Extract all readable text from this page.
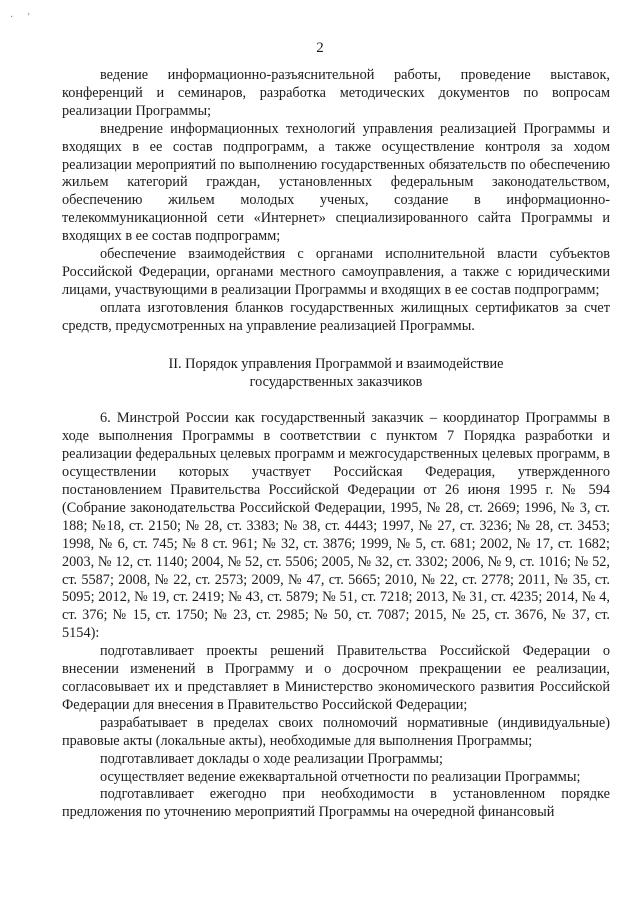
· '
2

ведение информационно-разъяснительной работы, проведение выставок, конференций и семинаров, разработка методических документов по вопросам реализации Программы;

внедрение информационных технологий управления реализацией Программы и входящих в ее состав подпрограмм, а также осуществление контроля за ходом реализации мероприятий по выполнению государственных обязательств по обеспечению жильем категорий граждан, установленных федеральным законодательством, обеспечению жильем молодых ученых, создание в информационно-телекоммуникационной сети «Интернет» специализированного сайта Программы и входящих в ее состав подпрограмм;

обеспечение взаимодействия с органами исполнительной власти субъектов Российской Федерации, органами местного самоуправления, а также с юридическими лицами, участвующими в реализации Программы и входящих в ее состав подпрограмм;

оплата изготовления бланков государственных жилищных сертификатов за счет средств, предусмотренных на управление реализацией Программы.

II. Порядок управления Программой и взаимодействие
государственных заказчиков

6. Минстрой России как государственный заказчик – координатор Программы в ходе выполнения Программы в соответствии с пунктом 7 Порядка разработки и реализации федеральных целевых программ и межгосударственных целевых программ, в осуществлении которых участвует Российская Федерация, утвержденного постановлением Правительства Российской Федерации от 26 июня 1995 г. № 594 (Собрание законодательства Российской Федерации, 1995, № 28, ст. 2669; 1996, № 3, ст. 188; №18, ст. 2150; № 28, ст. 3383; № 38, ст. 4443; 1997, № 27, ст. 3236; № 28, ст. 3453; 1998, № 6, ст. 745; № 8 ст. 961; № 32, ст. 3876; 1999, № 5, ст. 681; 2002, № 17, ст. 1682; 2003, № 12, ст. 1140; 2004, № 52, ст. 5506; 2005, № 32, ст. 3302; 2006, № 9, ст. 1016; № 52, ст. 5587; 2008, № 22, ст. 2573; 2009, № 47, ст. 5665; 2010, № 22, ст. 2778; 2011, № 35, ст. 5095; 2012, № 19, ст. 2419; № 43, ст. 5879; № 51, ст. 7218; 2013, № 31, ст. 4235; 2014, № 4, ст. 376; № 15, ст. 1750; № 23, ст. 2985; № 50, ст. 7087; 2015, № 25, ст. 3676, № 37, ст. 5154):

подготавливает проекты решений Правительства Российской Федерации о внесении изменений в Программу и о досрочном прекращении ее реализации, согласовывает их и представляет в Министерство экономического развития Российской Федерации для внесения в Правительство Российской Федерации;

разрабатывает в пределах своих полномочий нормативные (индивидуальные) правовые акты (локальные акты), необходимые для выполнения Программы;

подготавливает доклады о ходе реализации Программы;

осуществляет ведение ежеквартальной отчетности по реализации Программы;

подготавливает ежегодно при необходимости в установленном порядке предложения по уточнению мероприятий Программы на очередной финансовый
